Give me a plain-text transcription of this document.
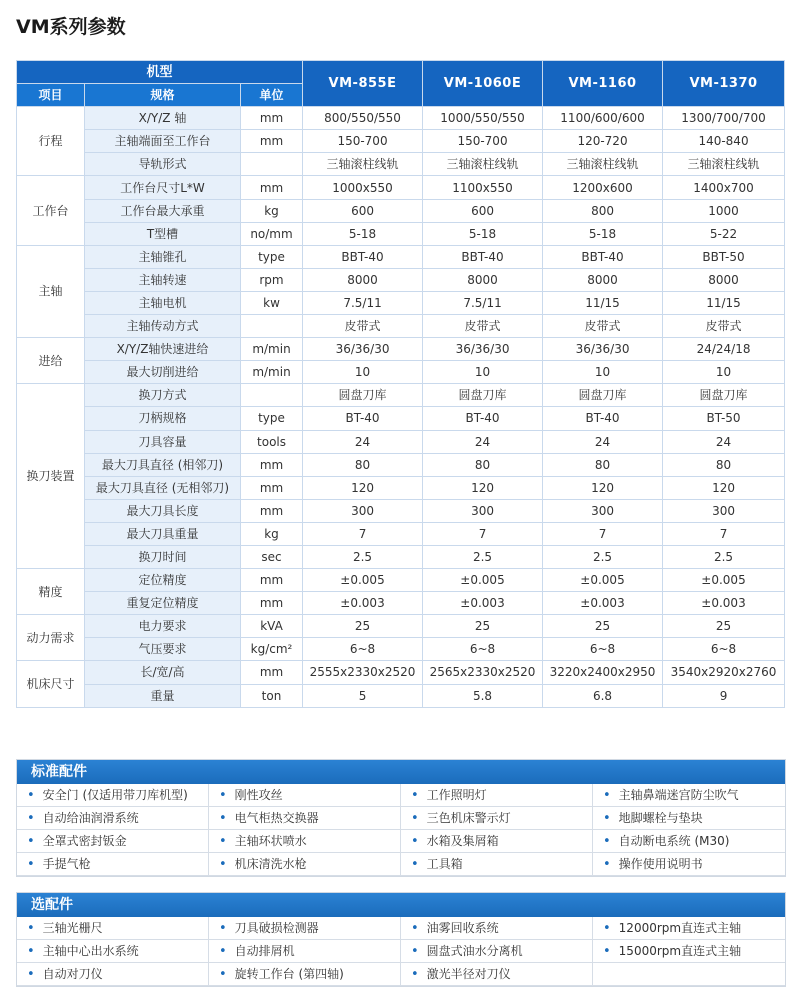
VM系列参数
机型			VM-855E	VM-1060E	VM-1160	VM-1370
项目	规格	单位				
行程	X/Y/Z 轴	mm	800/550/550	1000/550/550	1100/600/600	1300/700/700
	主轴端面至工作台	mm	150-700	150-700	120-720	140-840
	导轨形式		三轴滚柱线轨	三轴滚柱线轨	三轴滚柱线轨	三轴滚柱线轨
工作台	工作台尺寸L*W	mm	1000x550	1100x550	1200x600	1400x700
	工作台最大承重	kg	600	600	800	1000
	T型槽	no/mm	5-18	5-18	5-18	5-22
主轴	主轴锥孔	type	BBT-40	BBT-40	BBT-40	BBT-50
	主轴转速	rpm	8000	8000	8000	8000
	主轴电机	kw	7.5/11	7.5/11	11/15	11/15
	主轴传动方式		皮带式	皮带式	皮带式	皮带式
进给	X/Y/Z轴快速进给	m/min	36/36/30	36/36/30	36/36/30	24/24/18
	最大切削进给	m/min	10	10	10	10
换刀装置	换刀方式		圆盘刀库	圆盘刀库	圆盘刀库	圆盘刀库
	刀柄规格	type	BT-40	BT-40	BT-40	BT-50
	刀具容量	tools	24	24	24	24
	最大刀具直径 (相邻刀)	mm	80	80	80	80
	最大刀具直径 (无相邻刀)	mm	120	120	120	120
	最大刀具长度	mm	300	300	300	300
	最大刀具重量	kg	7	7	7	7
	换刀时间	sec	2.5	2.5	2.5	2.5
精度	定位精度	mm	±0.005	±0.005	±0.005	±0.005
	重复定位精度	mm	±0.003	±0.003	±0.003	±0.003
动力需求	电力要求	kVA	25	25	25	25
	气压要求	kg/cm²	6~8	6~8	6~8	6~8
机床尺寸	长/宽/高	mm	2555x2330x2520	2565x2330x2520	3220x2400x2950	3540x2920x2760
	重量	ton	5	5.8	6.8	9
标准配件
• 安全门 (仅适用带刀库机型)	• 刚性攻丝	• 工作照明灯	• 主轴鼻端迷宫防尘吹气
• 自动给油润滑系统	• 电气柜热交换器	• 三色机床警示灯	• 地脚螺栓与垫块
• 全罩式密封钣金	• 主轴环状喷水	• 水箱及集屑箱	• 自动断电系统 (M30)
• 手提气枪	• 机床清洗水枪	• 工具箱	• 操作使用说明书
选配件
• 三轴光栅尺	• 刀具破损检测器	• 油雾回收系统	• 12000rpm直连式主轴
• 主轴中心出水系统	• 自动排屑机	• 圆盘式油水分离机	• 15000rpm直连式主轴
• 自动对刀仪	• 旋转工作台 (第四轴)	• 激光半径对刀仪
